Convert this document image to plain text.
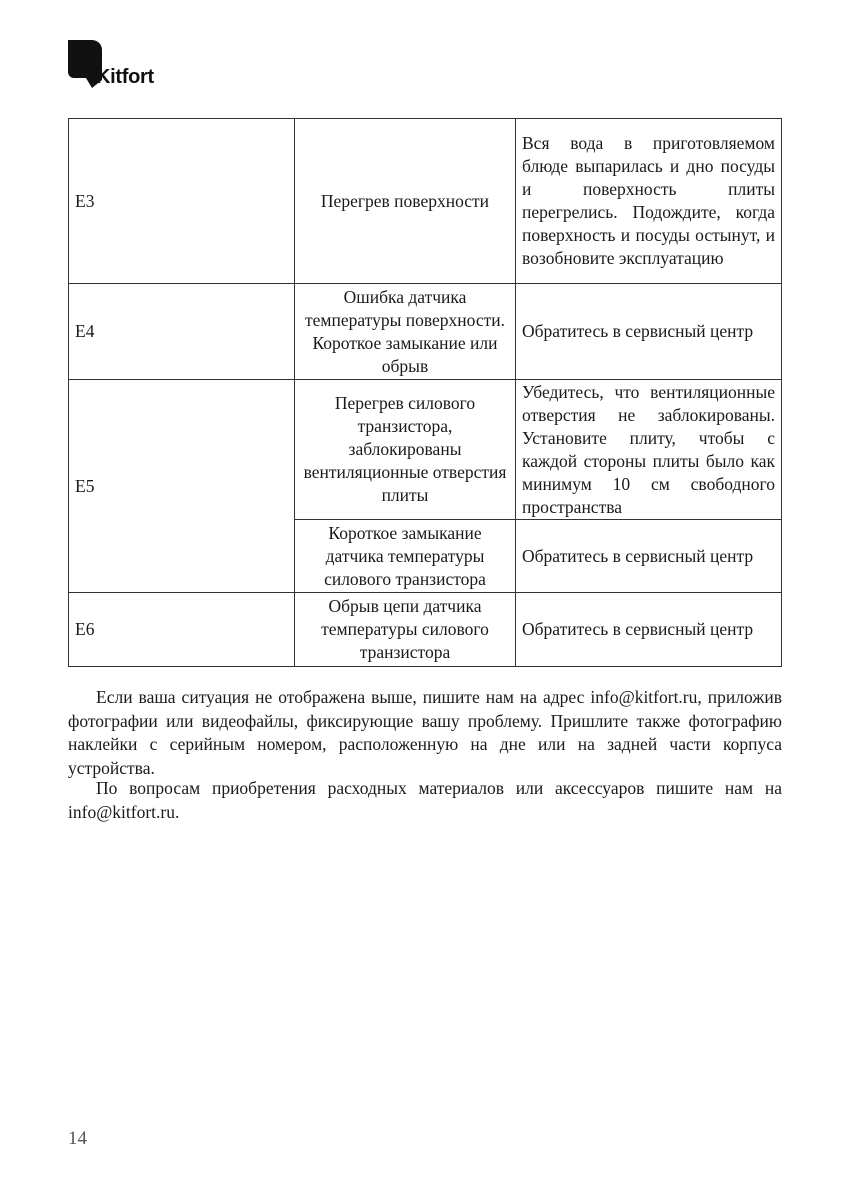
Kitfort
E3	Перегрев поверхности	Вся вода в приготовляемом блюде выпарилась и дно посуды и поверхность плиты перегрелись. Подождите, когда поверхность и посуды остынут, и возобновите эксплуатацию
E4	Ошибка датчика температуры поверхности. Короткое замыкание или обрыв	Обратитесь в сервисный центр
E5	Перегрев силового транзистора, заблокированы вентиляционные отверстия плиты	Убедитесь, что вентиляционные отверстия не заблокированы. Установите плиту, чтобы с каждой стороны плиты было как минимум 10 см свободного пространства
	Короткое замыкание датчика температуры силового транзистора	Обратитесь в сервисный центр
E6	Обрыв цепи датчика температуры силового транзистора	Обратитесь в сервисный центр

Если ваша ситуация не отображена выше, пишите нам на адрес info@kitfort.ru, приложив фотографии или видеофайлы, фиксирующие вашу проблему. Пришлите также фотографию наклейки с серийным номером, расположенную на дне или на задней части корпуса устройства.

По вопросам приобретения расходных материалов или аксессуаров пишите нам на info@kitfort.ru.

14
